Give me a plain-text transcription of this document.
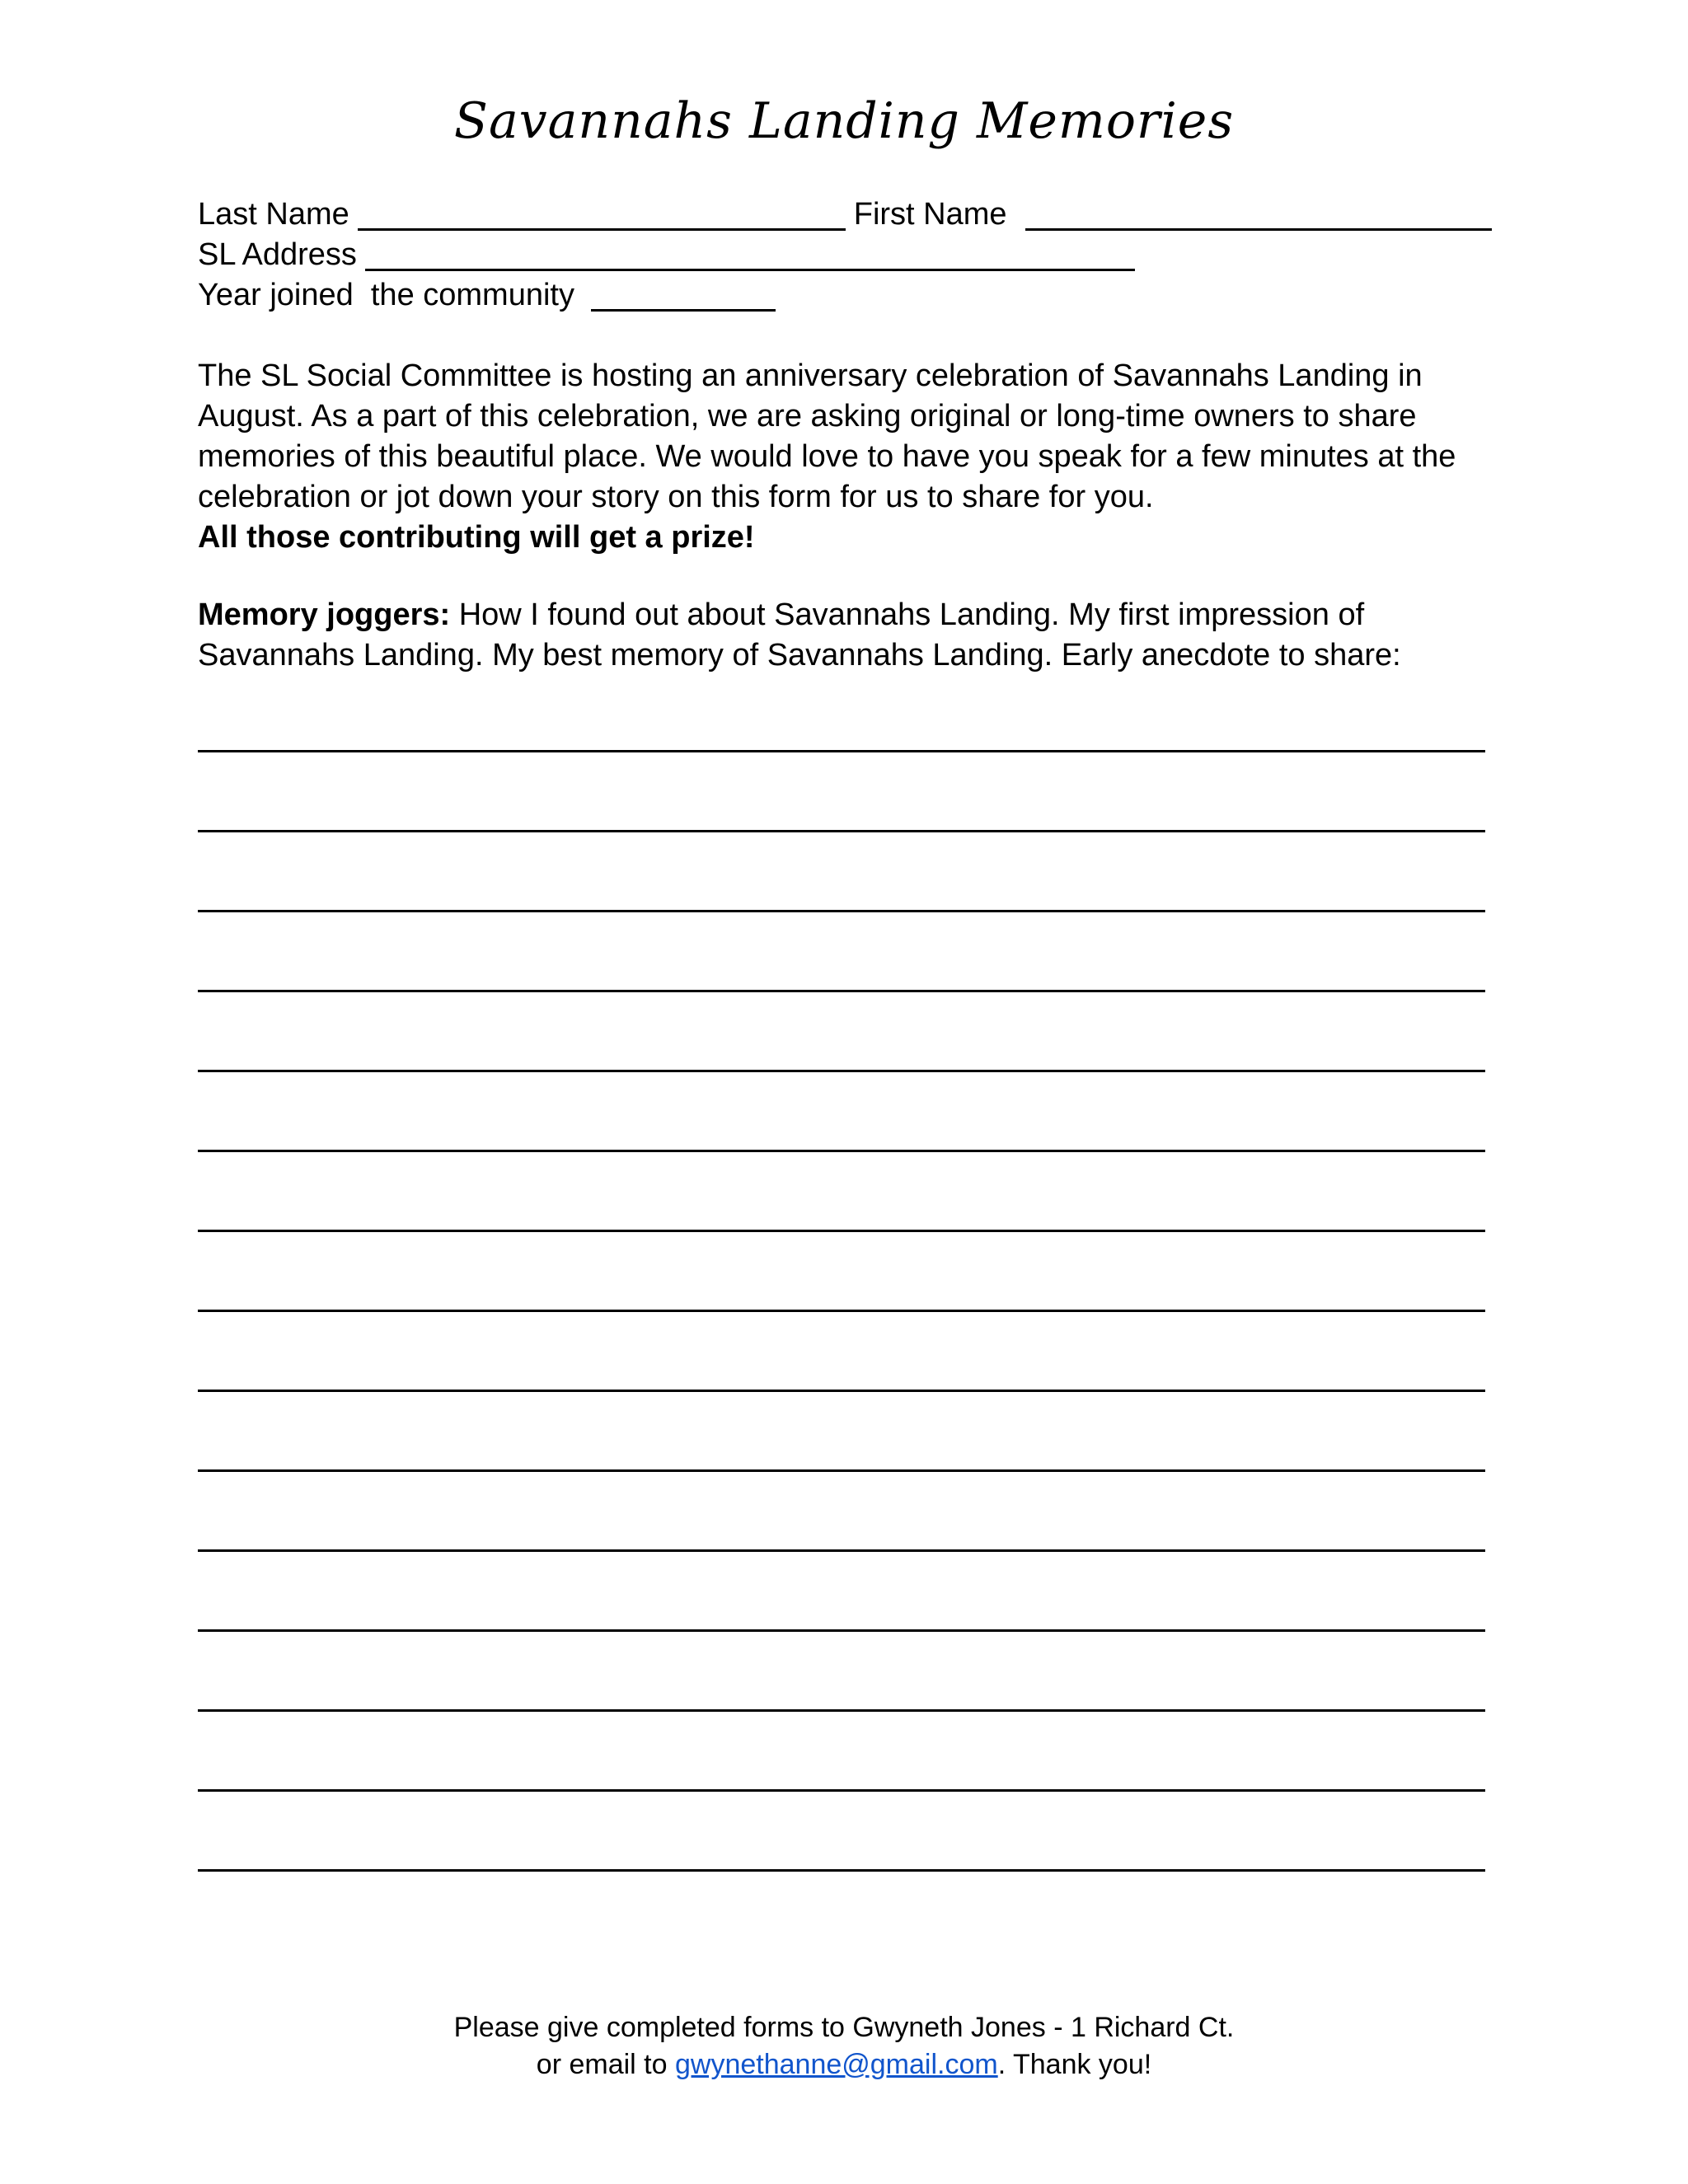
Savannahs Landing Memories
Last Name	First Name
SL Address
Year joined  the community

The SL Social Committee is hosting an anniversary celebration of Savannahs Landing in August. As a part of this celebration, we are asking original or long-time owners to share memories of this beautiful place. We would love to have you speak for a few minutes at the celebration or jot down your story on this form for us to share for you.

All those contributing will get a prize!

Memory joggers: How I found out about Savannahs Landing. My first impression of Savannahs Landing. My best memory of Savannahs Landing. Early anecdote to share:

Please give completed forms to Gwyneth Jones - 1 Richard Ct.

or email to gwynethanne@gmail.com. Thank you!
